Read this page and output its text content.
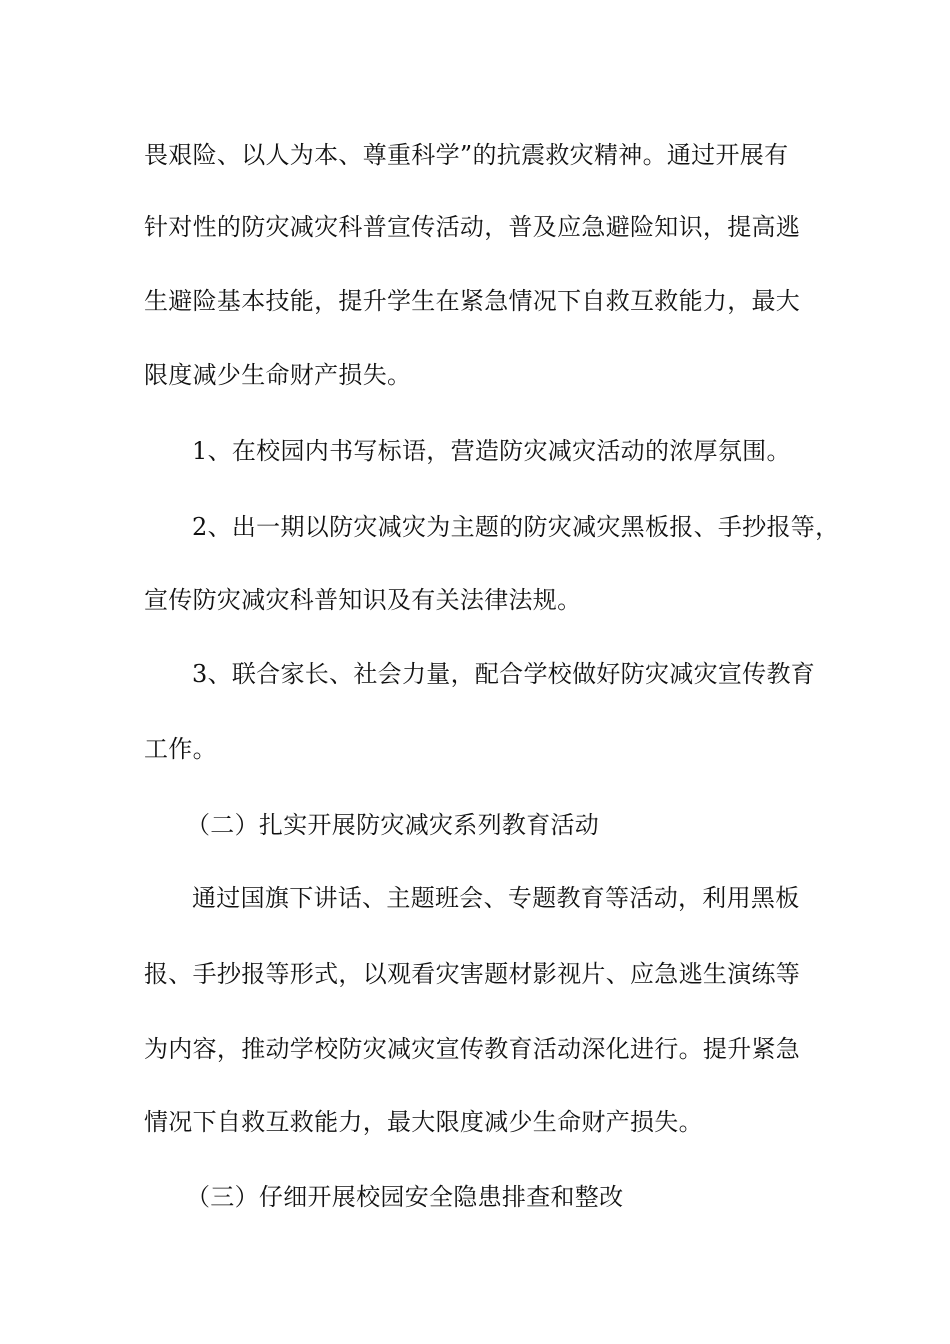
畏艰险、以人为本、尊重科学”的抗震救灾精神。通过开展有

针对性的防灾减灾科普宣传活动，普及应急避险知识，提高逃

生避险基本技能，提升学生在紧急情况下自救互救能力，最大

限度减少生命财产损失。

1、在校园内书写标语，营造防灾减灾活动的浓厚氛围。

2、出一期以防灾减灾为主题的防灾减灾黑板报、手抄报等，

宣传防灾减灾科普知识及有关法律法规。

3、联合家长、社会力量，配合学校做好防灾减灾宣传教育

工作。

（二）扎实开展防灾减灾系列教育活动

通过国旗下讲话、主题班会、专题教育等活动，利用黑板

报、手抄报等形式，以观看灾害题材影视片、应急逃生演练等

为内容，推动学校防灾减灾宣传教育活动深化进行。提升紧急

情况下自救互救能力，最大限度减少生命财产损失。

（三）仔细开展校园安全隐患排查和整改
